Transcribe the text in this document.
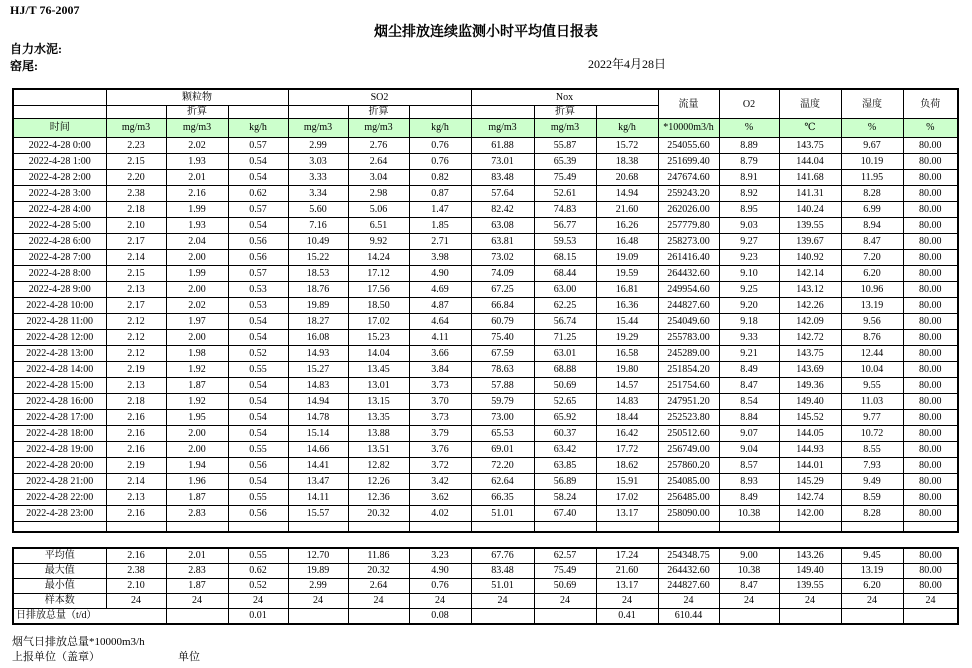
HJ/T 76-2007
烟尘排放连续监测小时平均值日报表
自力水泥:
窑尾:	2022年4月28日
	颗粒物			SO2			Nox			流量	O2	温度	湿度	负荷
		折算			折算			折算						
时间	mg/m3	mg/m3	kg/h	mg/m3	mg/m3	kg/h	mg/m3	mg/m3	kg/h	*10000m3/h	%	℃	%	%
2022-4-28 0:00	2.23	2.02	0.57	2.99	2.76	0.76	61.88	55.87	15.72	254055.60	8.89	143.75	9.67	80.00
2022-4-28 1:00	2.15	1.93	0.54	3.03	2.64	0.76	73.01	65.39	18.38	251699.40	8.79	144.04	10.19	80.00
2022-4-28 2:00	2.20	2.01	0.54	3.33	3.04	0.82	83.48	75.49	20.68	247674.60	8.91	141.68	11.95	80.00
2022-4-28 3:00	2.38	2.16	0.62	3.34	2.98	0.87	57.64	52.61	14.94	259243.20	8.92	141.31	8.28	80.00
2022-4-28 4:00	2.18	1.99	0.57	5.60	5.06	1.47	82.42	74.83	21.60	262026.00	8.95	140.24	6.99	80.00
2022-4-28 5:00	2.10	1.93	0.54	7.16	6.51	1.85	63.08	56.77	16.26	257779.80	9.03	139.55	8.94	80.00
2022-4-28 6:00	2.17	2.04	0.56	10.49	9.92	2.71	63.81	59.53	16.48	258273.00	9.27	139.67	8.47	80.00
2022-4-28 7:00	2.14	2.00	0.56	15.22	14.24	3.98	73.02	68.15	19.09	261416.40	9.23	140.92	7.20	80.00
2022-4-28 8:00	2.15	1.99	0.57	18.53	17.12	4.90	74.09	68.44	19.59	264432.60	9.10	142.14	6.20	80.00
2022-4-28 9:00	2.13	2.00	0.53	18.76	17.56	4.69	67.25	63.00	16.81	249954.60	9.25	143.12	10.96	80.00
2022-4-28 10:00	2.17	2.02	0.53	19.89	18.50	4.87	66.84	62.25	16.36	244827.60	9.20	142.26	13.19	80.00
2022-4-28 11:00	2.12	1.97	0.54	18.27	17.02	4.64	60.79	56.74	15.44	254049.60	9.18	142.09	9.56	80.00
2022-4-28 12:00	2.12	2.00	0.54	16.08	15.23	4.11	75.40	71.25	19.29	255783.00	9.33	142.72	8.76	80.00
2022-4-28 13:00	2.12	1.98	0.52	14.93	14.04	3.66	67.59	63.01	16.58	245289.00	9.21	143.75	12.44	80.00
2022-4-28 14:00	2.19	1.92	0.55	15.27	13.45	3.84	78.63	68.88	19.80	251854.20	8.49	143.69	10.04	80.00
2022-4-28 15:00	2.13	1.87	0.54	14.83	13.01	3.73	57.88	50.69	14.57	251754.60	8.47	149.36	9.55	80.00
2022-4-28 16:00	2.18	1.92	0.54	14.94	13.15	3.70	59.79	52.65	14.83	247951.20	8.54	149.40	11.03	80.00
2022-4-28 17:00	2.16	1.95	0.54	14.78	13.35	3.73	73.00	65.92	18.44	252523.80	8.84	145.52	9.77	80.00
2022-4-28 18:00	2.16	2.00	0.54	15.14	13.88	3.79	65.53	60.37	16.42	250512.60	9.07	144.05	10.72	80.00
2022-4-28 19:00	2.16	2.00	0.55	14.66	13.51	3.76	69.01	63.42	17.72	256749.00	9.04	144.93	8.55	80.00
2022-4-28 20:00	2.19	1.94	0.56	14.41	12.82	3.72	72.20	63.85	18.62	257860.20	8.57	144.01	7.93	80.00
2022-4-28 21:00	2.14	1.96	0.54	13.47	12.26	3.42	62.64	56.89	15.91	254085.00	8.93	145.29	9.49	80.00
2022-4-28 22:00	2.13	1.87	0.55	14.11	12.36	3.62	66.35	58.24	17.02	256485.00	8.49	142.74	8.59	80.00
2022-4-28 23:00	2.16	2.83	0.56	15.57	20.32	4.02	51.01	67.40	13.17	258090.00	10.38	142.00	8.28	80.00

平均值	2.16	2.01	0.55	12.70	11.86	3.23	67.76	62.57	17.24	254348.75	9.00	143.26	9.45	80.00	
最大值	2.38	2.83	0.62	19.89	20.32	4.90	83.48	75.49	21.60	264432.60	10.38	149.40	13.19	80.00	
最小值	2.10	1.87	0.52	2.99	2.64	0.76	51.01	50.69	13.17	244827.60	8.47	139.55	6.20	80.00	
样本数	24	24	24	24	24	24	24	24	24	24	24	24	24	24	
日排放总量（t/d）			0.01			0.08			0.41	610.44					
烟气日排放总量*10000m3/h
上报单位（盖章）	单位
